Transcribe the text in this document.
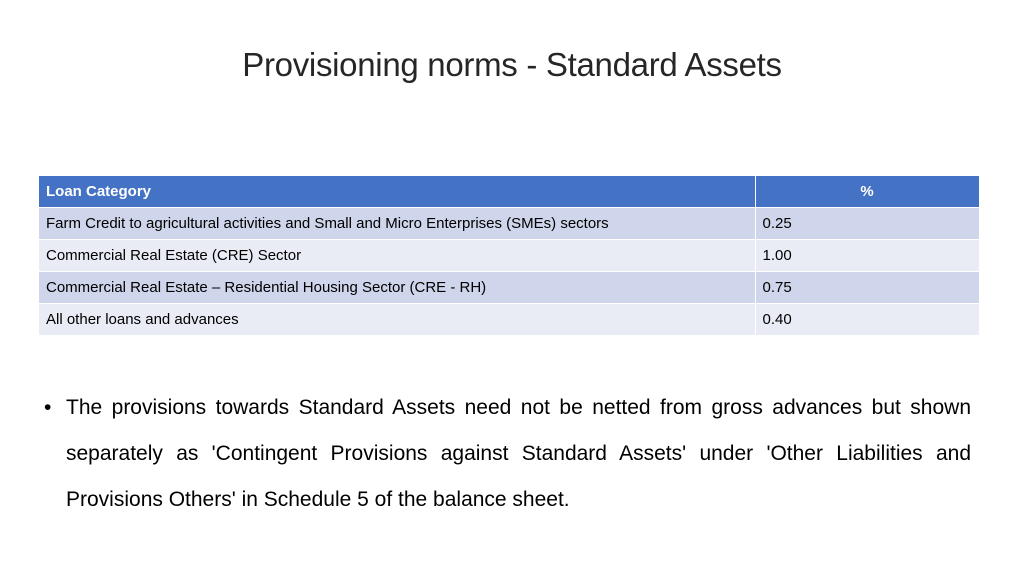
Provisioning norms - Standard Assets
Loan Category	%
Farm Credit to agricultural activities and Small and Micro Enterprises (SMEs) sectors	0.25
Commercial Real Estate (CRE) Sector	1.00
Commercial Real Estate – Residential Housing Sector (CRE - RH)	0.75
All other loans and advances	0.40
• The provisions towards Standard Assets need not be netted from gross advances but shown separately as 'Contingent Provisions against Standard Assets' under 'Other Liabilities and Provisions Others' in Schedule 5 of the balance sheet.
